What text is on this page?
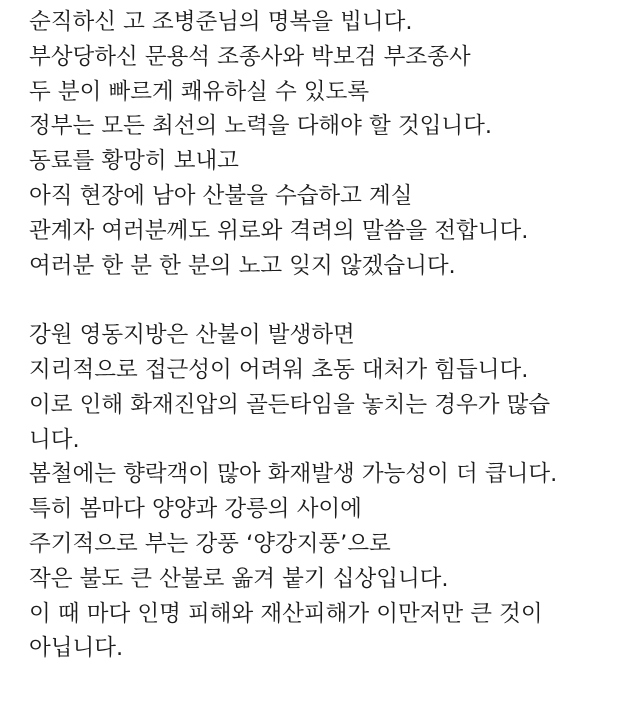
순직하신 고 조병준님의 명복을 빕니다.
부상당하신 문용석 조종사와 박보검 부조종사
두 분이 빠르게 쾌유하실 수 있도록
정부는 모든 최선의 노력을 다해야 할 것입니다.
동료를 황망히 보내고
아직 현장에 남아 산불을 수습하고 계실
관계자 여러분께도 위로와 격려의 말씀을 전합니다.
여러분 한 분 한 분의 노고 잊지 않겠습니다.

강원 영동지방은 산불이 발생하면
지리적으로 접근성이 어려워 초동 대처가 힘듭니다.
이로 인해 화재진압의 골든타임을 놓치는 경우가 많습
니다.
봄철에는 향락객이 많아 화재발생 가능성이 더 큽니다.
특히 봄마다 양양과 강릉의 사이에
주기적으로 부는 강풍 ‘양강지풍’으로
작은 불도 큰 산불로 옮겨 붙기 십상입니다.
이 때 마다 인명 피해와 재산피해가 이만저만 큰 것이
아닙니다.
